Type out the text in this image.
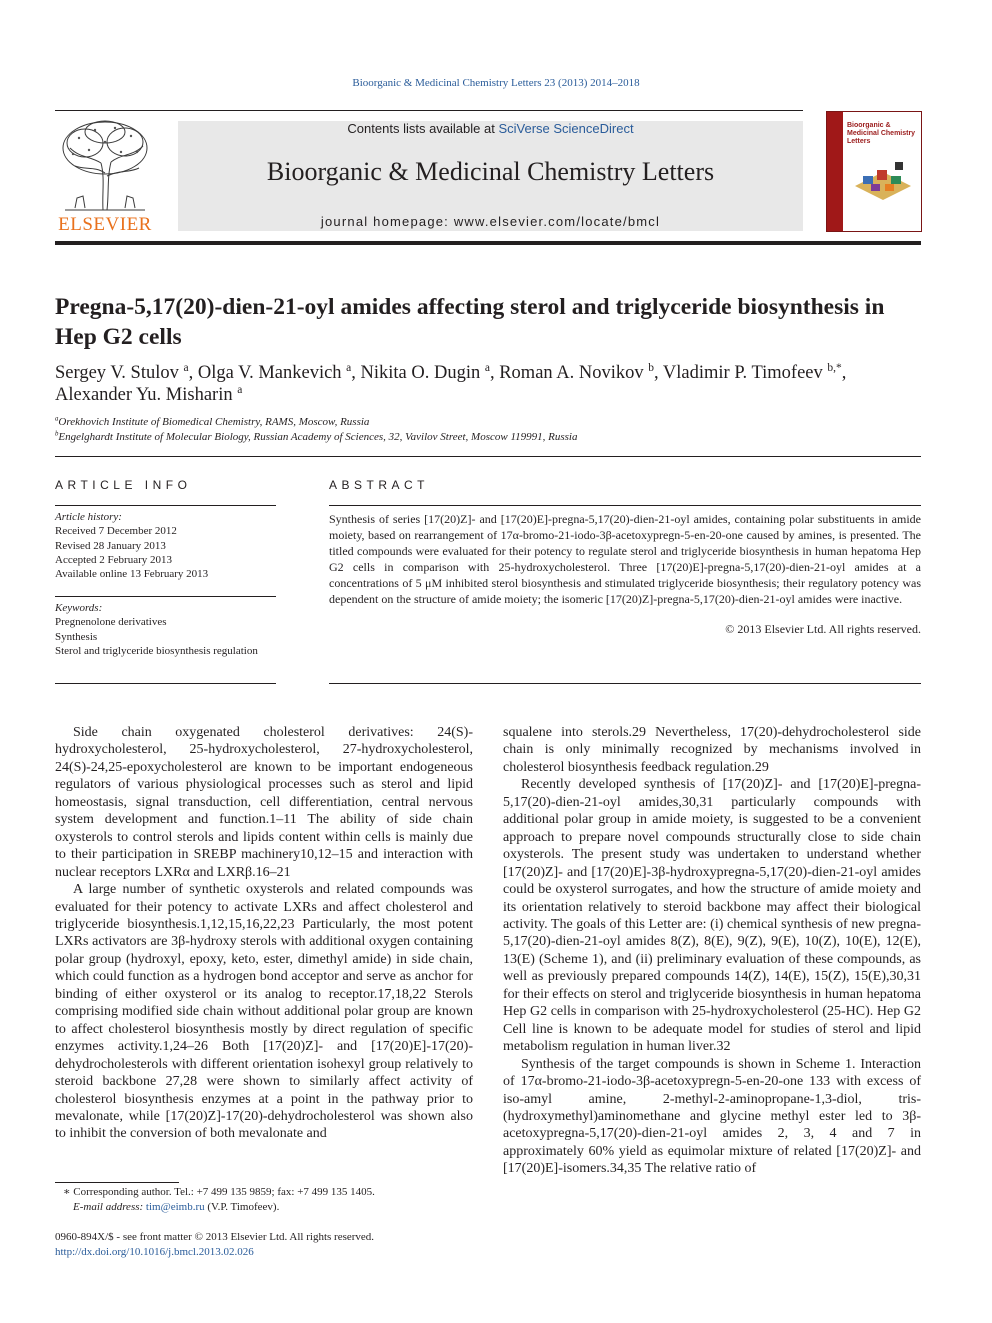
Bioorganic & Medicinal Chemistry Letters 23 (2013) 2014–2018
ELSEVIER
Contents lists available at SciVerse ScienceDirect
Bioorganic & Medicinal Chemistry Letters
journal homepage: www.elsevier.com/locate/bmcl
Bioorganic & Medicinal Chemistry Letters
Pregna-5,17(20)-dien-21-oyl amides affecting sterol and triglyceride biosynthesis in Hep G2 cells
Sergey V. Stulov $^a$, Olga V. Mankevich $^a$, Nikita O. Dugin $^a$, Roman A. Novikov $^b$, Vladimir P. Timofeev $^{b,*}$,
Alexander Yu. Misharin $^a$
$^a$Orekhovich Institute of Biomedical Chemistry, RAMS, Moscow, Russia
$^b$Engelghardt Institute of Molecular Biology, Russian Academy of Sciences, 32, Vavilov Street, Moscow 119991, Russia
ARTICLE INFO
Article history:
Received 7 December 2012
Revised 28 January 2013
Accepted 2 February 2013
Available online 13 February 2013
Keywords:
Pregnenolone derivatives
Synthesis
Sterol and triglyceride biosynthesis regulation
ABSTRACT
Synthesis of series [17(20)Z]- and [17(20)E]-pregna-5,17(20)-dien-21-oyl amides, containing polar substituents in amide moiety, based on rearrangement of 17α-bromo-21-iodo-3β-acetoxypregn-5-en-20-one caused by amines, is presented. The titled compounds were evaluated for their potency to regulate sterol and triglyceride biosynthesis in human hepatoma Hep G2 cells in comparison with 25-hydroxycholesterol. Three [17(20)E]-pregna-5,17(20)-dien-21-oyl amides at a concentrations of 5 μM inhibited sterol biosynthesis and stimulated triglyceride biosynthesis; their regulatory potency was dependent on the structure of amide moiety; the isomeric [17(20)Z]-pregna-5,17(20)-dien-21-oyl amides were inactive.
© 2013 Elsevier Ltd. All rights reserved.

Side chain oxygenated cholesterol derivatives: 24(S)-hydroxycholesterol, 25-hydroxycholesterol, 27-hydroxycholesterol, 24(S)-24,25-epoxycholesterol are known to be important endogeneous regulators of various physiological processes such as sterol and lipid homeostasis, signal transduction, cell differentiation, central nervous system development and function.1–11 The ability of side chain oxysterols to control sterols and lipids content within cells is mainly due to their participation in SREBP machinery10,12–15 and interaction with nuclear receptors LXRα and LXRβ.16–21

A large number of synthetic oxysterols and related compounds was evaluated for their potency to activate LXRs and affect cholesterol and triglyceride biosynthesis.1,12,15,16,22,23 Particularly, the most potent LXRs activators are 3β-hydroxy sterols with additional oxygen containing polar group (hydroxyl, epoxy, keto, ester, dimethyl amide) in side chain, which could function as a hydrogen bond acceptor and serve as anchor for binding of either oxysterol or its analog to receptor.17,18,22 Sterols comprising modified side chain without additional polar group are known to affect cholesterol biosynthesis mostly by direct regulation of specific enzymes activity.1,24–26 Both [17(20)Z]- and [17(20)E]-17(20)-dehydrocholesterols with different orientation isohexyl group relatively to steroid backbone 27,28 were shown to similarly affect activity of cholesterol biosynthesis enzymes at a point in the pathway prior to mevalonate, while [17(20)Z]-17(20)-dehydrocholesterol was shown also to inhibit the conversion of both mevalonate and

squalene into sterols.29 Nevertheless, 17(20)-dehydrocholesterol side chain is only minimally recognized by mechanisms involved in cholesterol biosynthesis feedback regulation.29

Recently developed synthesis of [17(20)Z]- and [17(20)E]-pregna-5,17(20)-dien-21-oyl amides,30,31 particularly compounds with additional polar group in amide moiety, is suggested to be a convenient approach to prepare novel compounds structurally close to side chain oxysterols. The present study was undertaken to understand whether [17(20)Z]- and [17(20)E]-3β-hydroxypregna-5,17(20)-dien-21-oyl amides could be oxysterol surrogates, and how the structure of amide moiety and its orientation relatively to steroid backbone may affect their biological activity. The goals of this Letter are: (i) chemical synthesis of new pregna-5,17(20)-dien-21-oyl amides 8(Z), 8(E), 9(Z), 9(E), 10(Z), 10(E), 12(E), 13(E) (Scheme 1), and (ii) preliminary evaluation of these compounds, as well as previously prepared compounds 14(Z), 14(E), 15(Z), 15(E),30,31 for their effects on sterol and triglyceride biosynthesis in human hepatoma Hep G2 cells in comparison with 25-hydroxycholesterol (25-HC). Hep G2 Cell line is known to be adequate model for studies of sterol and lipid metabolism regulation in human liver.32

Synthesis of the target compounds is shown in Scheme 1. Interaction of 17α-bromo-21-iodo-3β-acetoxypregn-5-en-20-one 133 with excess of iso-amyl amine, 2-methyl-2-aminopropane-1,3-diol, tris-(hydroxymethyl)aminomethane and glycine methyl ester led to 3β-acetoxypregna-5,17(20)-dien-21-oyl amides 2, 3, 4 and 7 in approximately 60% yield as equimolar mixture of related [17(20)Z]- and [17(20)E]-isomers.34,35 The relative ratio of

∗ Corresponding author. Tel.: +7 499 135 9859; fax: +7 499 135 1405.
E-mail address: tim@eimb.ru (V.P. Timofeev).
0960-894X/$ - see front matter © 2013 Elsevier Ltd. All rights reserved.
http://dx.doi.org/10.1016/j.bmcl.2013.02.026
